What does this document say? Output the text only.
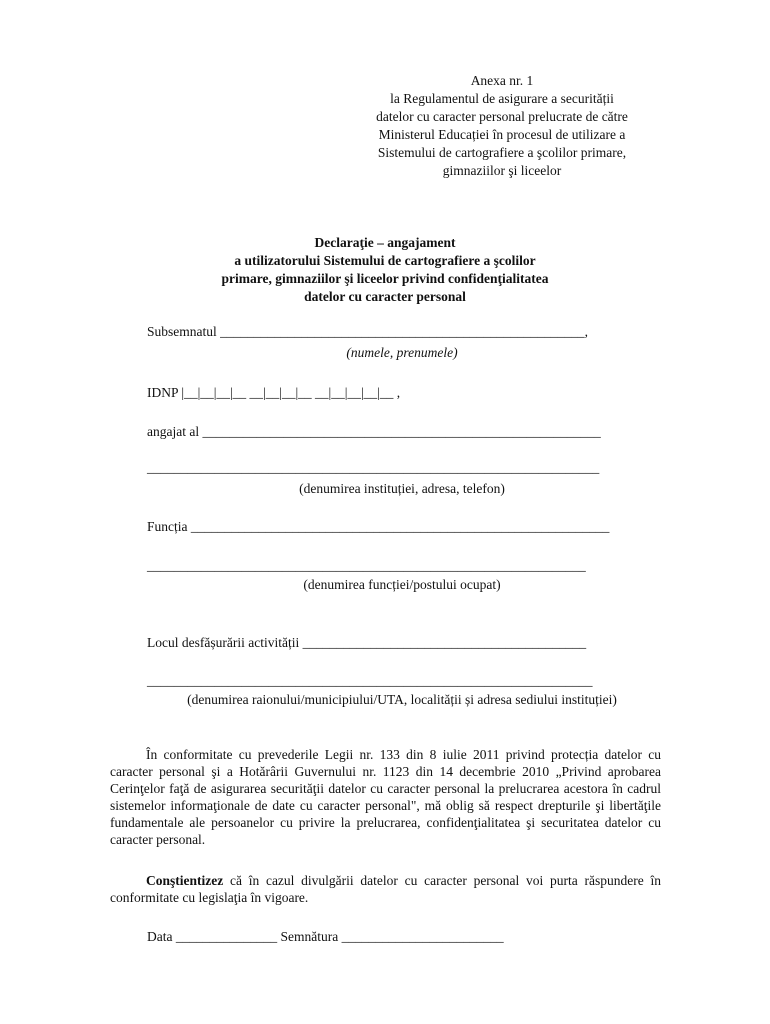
Anexa nr. 1
la Regulamentul de asigurare a securității
datelor cu caracter personal prelucrate de către
Ministerul Educației în procesul de utilizare a
Sistemului de cartografiere a şcolilor primare,
gimnaziilor şi liceelor
Declaraţie – angajament
a utilizatorului Sistemului de cartografiere a şcolilor
primare, gimnaziilor şi liceelor privind confidenţialitatea
datelor cu caracter personal
Subsemnatul ______________________________________________________,
(numele, prenumele)
IDNP |__|__|__|__ __|__|__|__ __|__|__|__|__ ,
angajat al ___________________________________________________________
___________________________________________________________________
(denumirea instituției, adresa, telefon)
Funcția ______________________________________________________________
_________________________________________________________________
(denumirea funcției/postului ocupat)
Locul desfășurării activității __________________________________________
__________________________________________________________________
(denumirea raionului/municipiului/UTA, localității și adresa sediului instituției)

În conformitate cu prevederile Legii nr. 133 din 8 iulie 2011 privind protecția datelor cu caracter personal şi a Hotărârii Guvernului nr. 1123 din 14 decembrie 2010 „Privind aprobarea Cerinţelor faţă de asigurarea securităţii datelor cu caracter personal la prelucrarea acestora în cadrul sistemelor informaţionale de date cu caracter personal", mă oblig să respect drepturile şi libertăţile fundamentale ale persoanelor cu privire la prelucrarea, confidenţialitatea şi securitatea datelor cu caracter personal.

Conştientizez că în cazul divulgării datelor cu caracter personal voi purta răspundere în conformitate cu legislaţia în vigoare.

Data _______________ Semnătura ________________________
